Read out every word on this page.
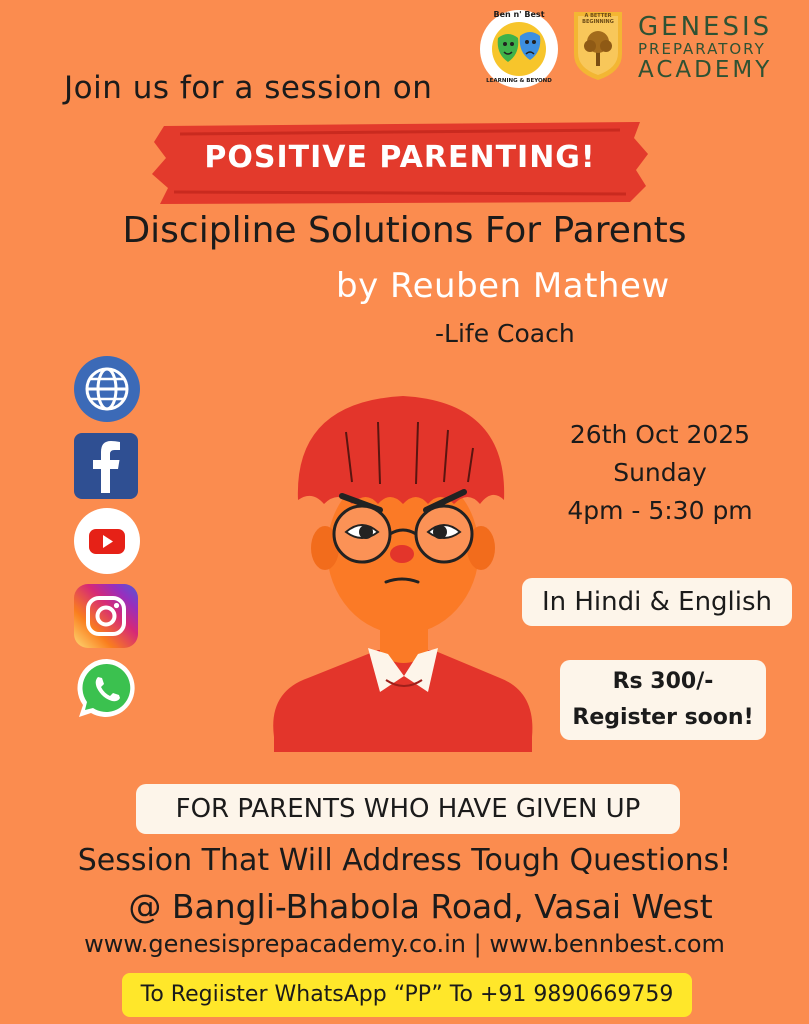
Ben n' Best
LEARNING & BEYOND
A BETTER BEGINNING GENESIS
PREPARATORY
ACADEMY
Join us for a session on
POSITIVE PARENTING!
Discipline Solutions For Parents
by Reuben Mathew
-Life Coach
26th Oct 2025
Sunday
4pm - 5:30 pm
In Hindi & English
Rs 300/-
Register soon!
FOR PARENTS WHO HAVE GIVEN UP
Session That Will Address Tough Questions!
@ Bangli-Bhabola Road, Vasai West
www.genesisprepacademy.co.in | www.bennbest.com
To Regiister WhatsApp “PP” To +91 9890669759
